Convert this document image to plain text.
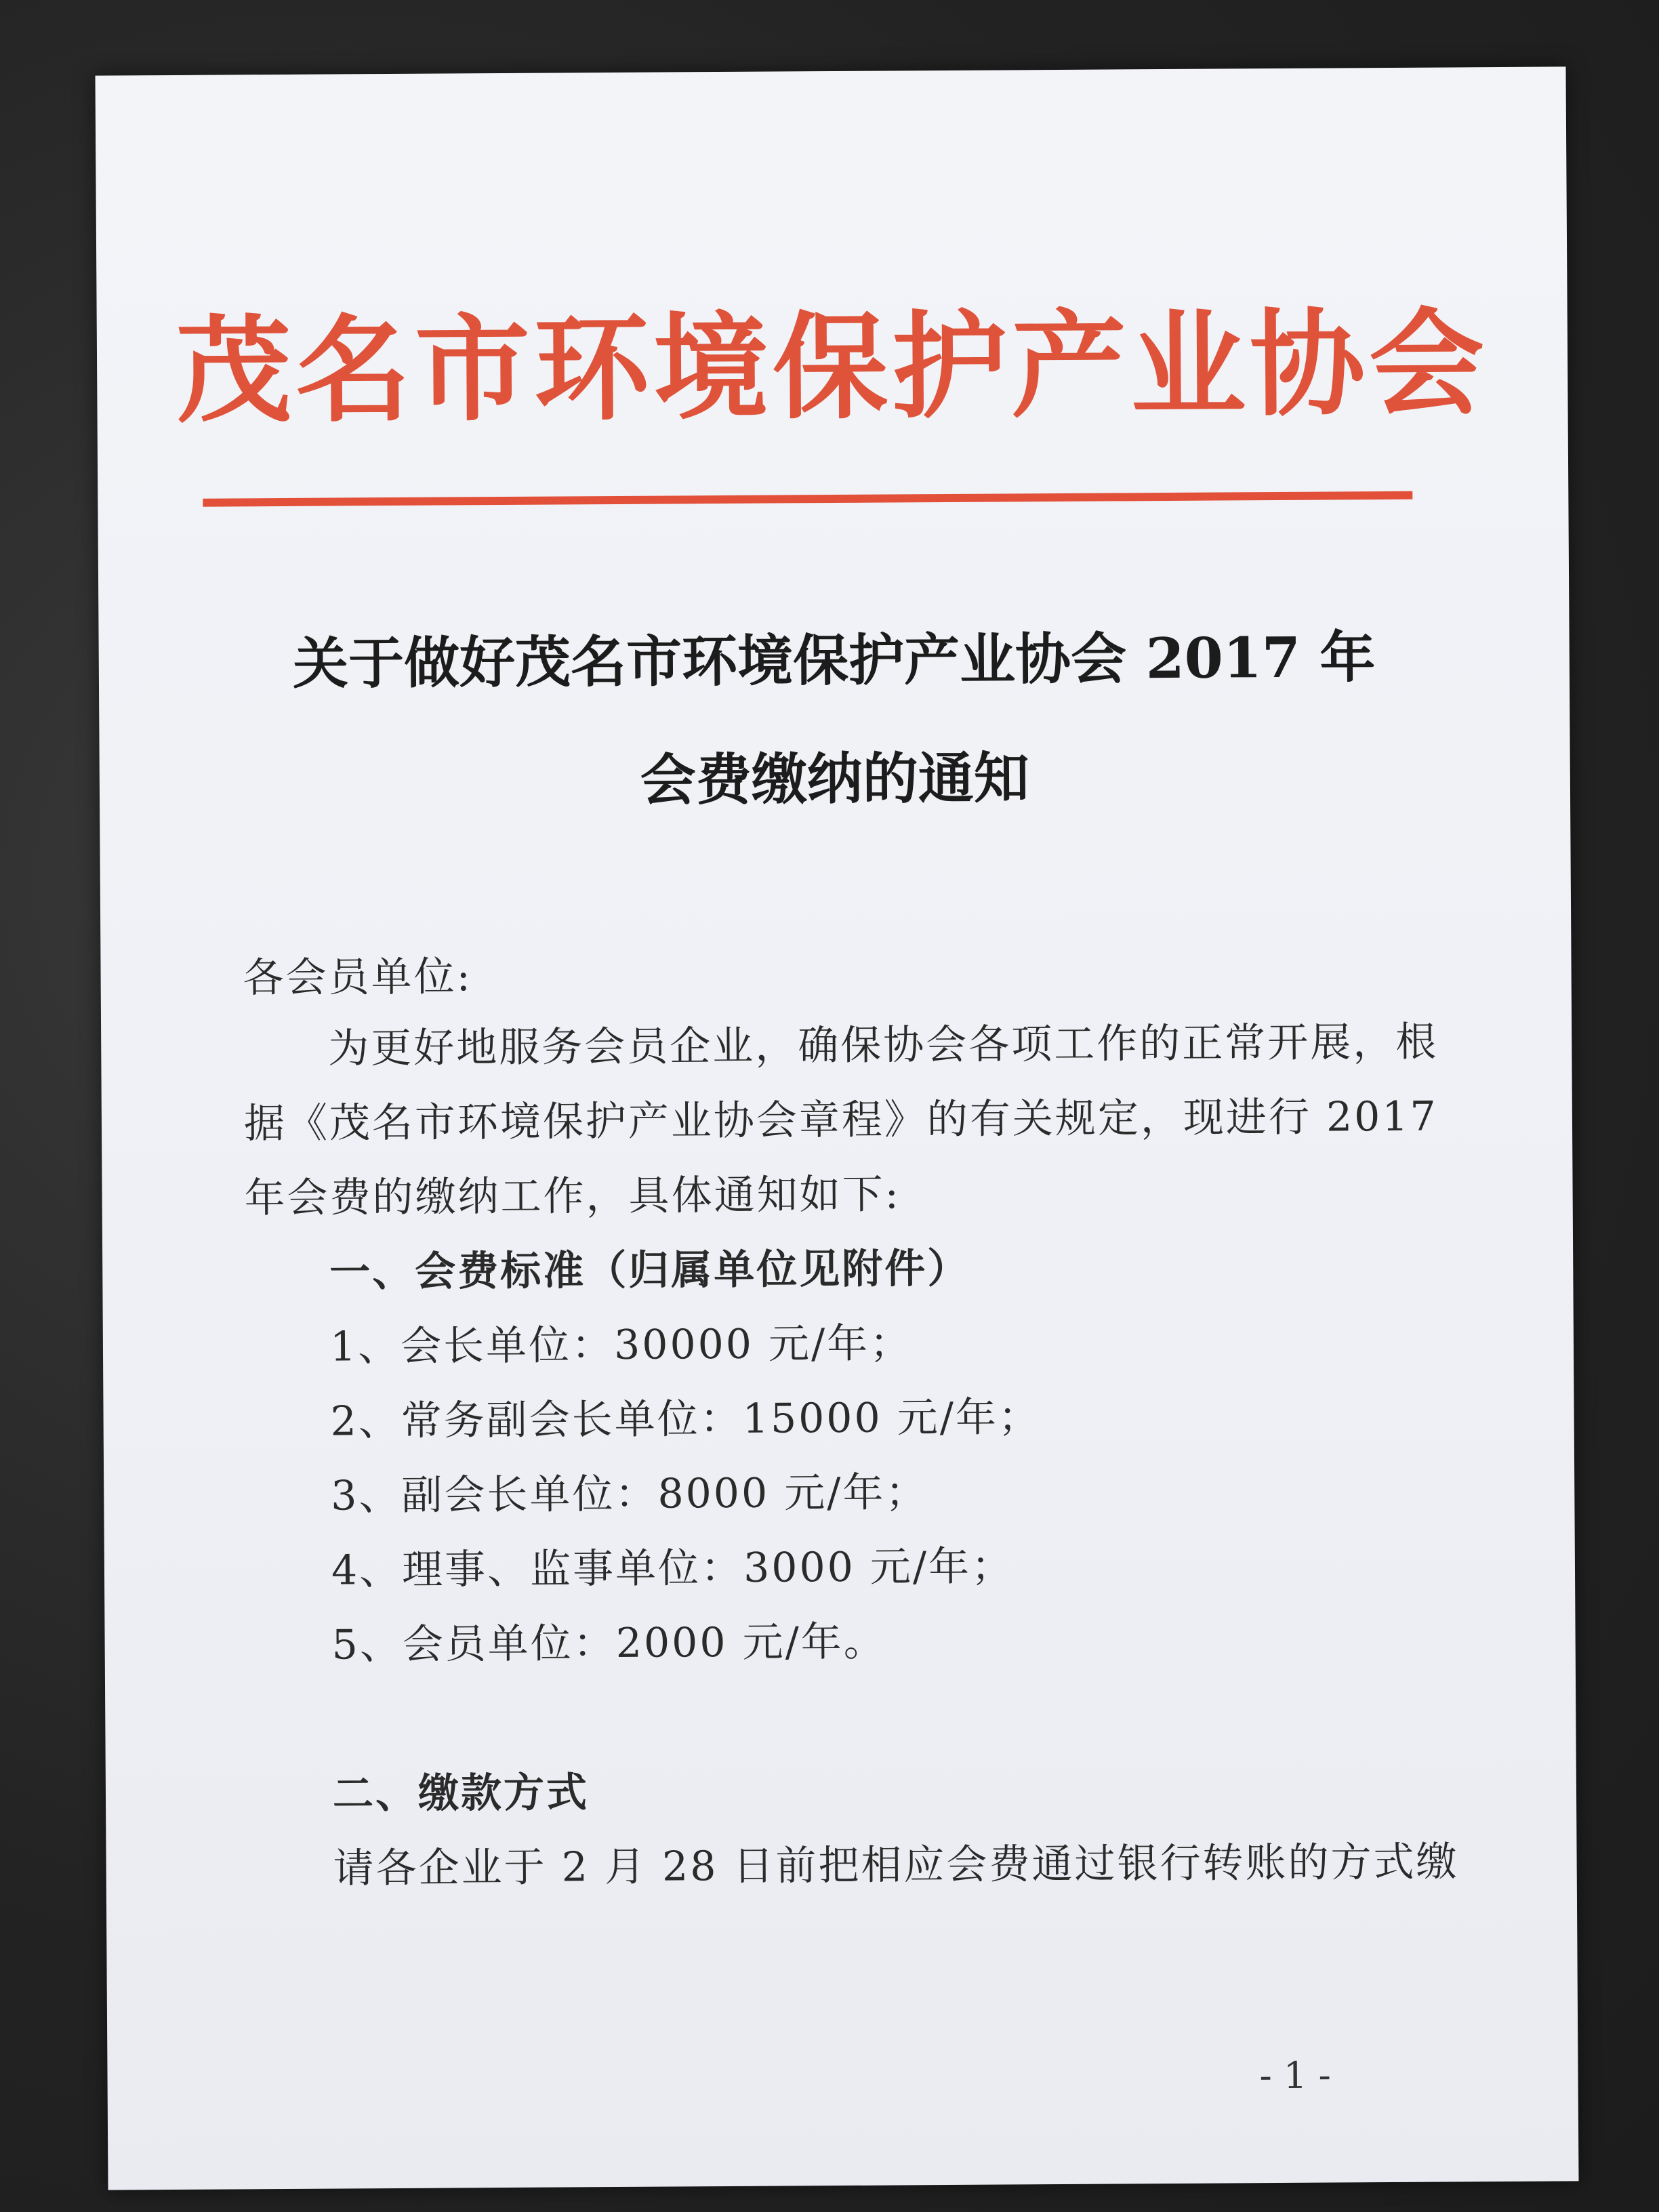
茂名市环境保护产业协会
关于做好茂名市环境保护产业协会 2017 年
会费缴纳的通知
各会员单位:
为更好地服务会员企业，确保协会各项工作的正常开展，根
据《茂名市环境保护产业协会章程》的有关规定，现进行 2017
年会费的缴纳工作，具体通知如下:
一、会费标准（归属单位见附件）
1、会长单位：30000 元/年；
2、常务副会长单位：15000 元/年；
3、副会长单位：8000 元/年；
4、理事、监事单位：3000 元/年；
5、会员单位：2000 元/年。
二、缴款方式
请各企业于 2 月 28 日前把相应会费通过银行转账的方式缴
- 1 -
